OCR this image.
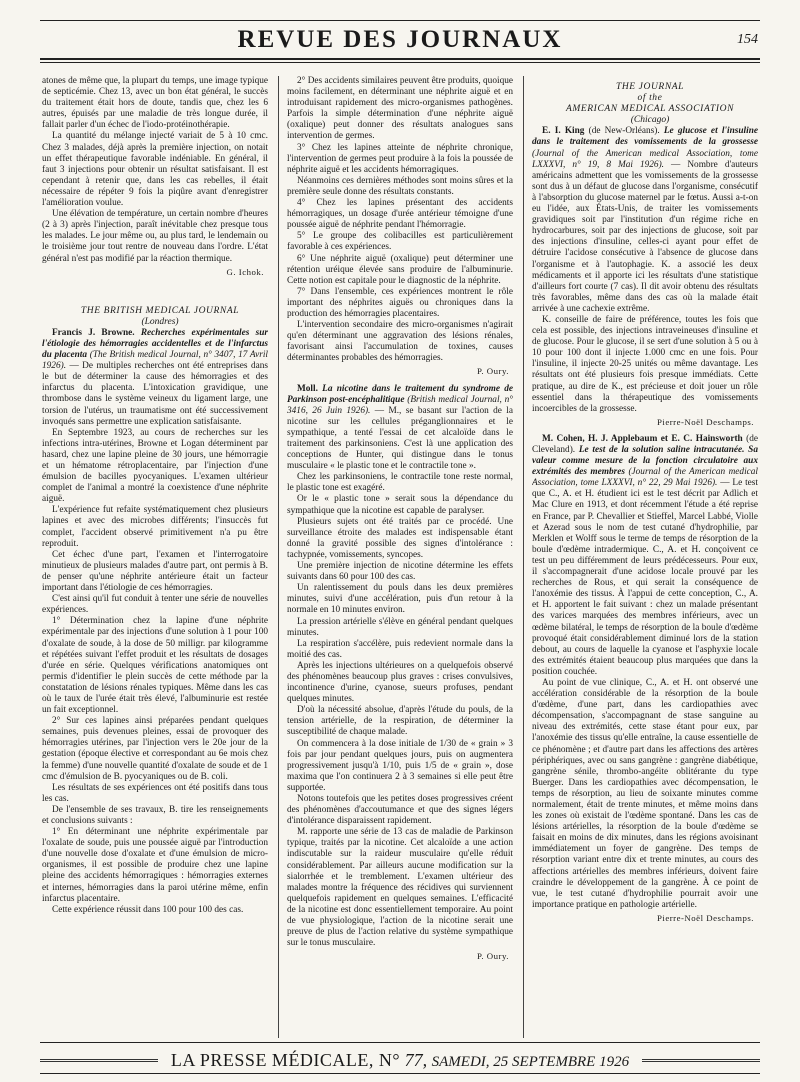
REVUE DES JOURNAUX	154

atones de même que, la plupart du temps, une image typique de septicémie. Chez 13, avec un bon état général, le succès du traitement était hors de doute, tandis que, chez les 6 autres, épuisés par une maladie de très longue durée, il fallait parler d'un échec de l'iodo-protéinothérapie.

La quantité du mélange injecté variait de 5 à 10 cmc. Chez 3 malades, déjà après la première injection, on notait un effet thérapeutique favorable indéniable. En général, il faut 3 injections pour obtenir un résultat satisfaisant. Il est cependant à retenir que, dans les cas rebelles, il était nécessaire de répéter 9 fois la piqûre avant d'enregistrer l'amélioration voulue.

Une élévation de température, un certain nombre d'heures (2 à 3) après l'injection, paraît inévitable chez presque tous les malades. Le jour même ou, au plus tard, le lendemain ou le troisième jour tout rentre de nouveau dans l'ordre. L'état général n'est pas modifié par la réaction thermique.

G. Ichok.

THE BRITISH MEDICAL JOURNAL

(Londres)

Francis J. Browne. Recherches expérimentales sur l'étiologie des hémorragies accidentelles et de l'infarctus du placenta (The British medical Journal, n° 3407, 17 Avril 1926). — De multiples recherches ont été entreprises dans le but de déterminer la cause des hémorragies et des infarctus du placenta. L'intoxication gravidique, une thrombose dans le système veineux du ligament large, une torsion de l'utérus, un traumatisme ont été successivement invoqués sans permettre une explication satisfaisante.

En Septembre 1923, au cours de recherches sur les infections intra-utérines, Browne et Logan déterminent par hasard, chez une lapine pleine de 30 jours, une hémorragie et un hématome rétroplacentaire, par l'injection d'une émulsion de bacilles pyocyaniques. L'examen ultérieur complet de l'animal a montré la coexistence d'une néphrite aiguë.

L'expérience fut refaite systématiquement chez plusieurs lapines et avec des microbes différents; l'insuccès fut complet, l'accident observé primitivement n'a pu être reproduit.

Cet échec d'une part, l'examen et l'interrogatoire minutieux de plusieurs malades d'autre part, ont permis à B. de penser qu'une néphrite antérieure était un facteur important dans l'étiologie de ces hémorragies.

C'est ainsi qu'il fut conduit à tenter une série de nouvelles expériences.

1° Détermination chez la lapine d'une néphrite expérimentale par des injections d'une solution à 1 pour 100 d'oxalate de soude, à la dose de 50 milligr. par kilogramme et répétées suivant l'effet produit et les résultats de dosages d'urée en série. Quelques vérifications anatomiques ont permis d'identifier le plein succès de cette méthode par la constatation de lésions rénales typiques. Même dans les cas où le taux de l'urée était très élevé, l'albuminurie est restée un fait exceptionnel.

2° Sur ces lapines ainsi préparées pendant quelques semaines, puis devenues pleines, essai de provoquer des hémorragies utérines, par l'injection vers le 20e jour de la gestation (époque élective et correspondant au 6e mois chez la femme) d'une nouvelle quantité d'oxalate de soude et de 1 cmc d'émulsion de B. pyocyaniques ou de B. coli.

Les résultats de ses expériences ont été positifs dans tous les cas.

De l'ensemble de ses travaux, B. tire les renseignements et conclusions suivants :

1° En déterminant une néphrite expérimentale par l'oxalate de soude, puis une poussée aiguë par l'introduction d'une nouvelle dose d'oxalate et d'une émulsion de micro-organismes, il est possible de produire chez une lapine pleine des accidents hémorragiques : hémorragies externes et internes, hémorragies dans la paroi utérine même, enfin infarctus placentaire.

Cette expérience réussit dans 100 pour 100 des cas.

2° Des accidents similaires peuvent être produits, quoique moins facilement, en déterminant une néphrite aiguë et en introduisant rapidement des micro-organismes pathogènes. Parfois la simple détermination d'une néphrite aiguë (oxalique) peut donner des résultats analogues sans intervention de germes.

3° Chez les lapines atteinte de néphrite chronique, l'intervention de germes peut produire à la fois la poussée de néphrite aiguë et les accidents hémorragiques.

Néanmoins ces dernières méthodes sont moins sûres et la première seule donne des résultats constants.

4° Chez les lapines présentant des accidents hémorragiques, un dosage d'urée antérieur témoigne d'une poussée aiguë de néphrite pendant l'hémorragie.

5° Le groupe des colibacilles est particulièrement favorable à ces expériences.

6° Une néphrite aiguë (oxalique) peut déterminer une rétention uréique élevée sans produire de l'albuminurie. Cette notion est capitale pour le diagnostic de la néphrite.

7° Dans l'ensemble, ces expériences montrent le rôle important des néphrites aiguës ou chroniques dans la production des hémorragies placentaires.

L'intervention secondaire des micro-organismes n'agirait qu'en déterminant une aggravation des lésions rénales, favorisant ainsi l'accumulation de toxines, causes déterminantes probables des hémorragies.

P. Oury.

Moll. La nicotine dans le traitement du syndrome de Parkinson post-encéphalitique (British medical Journal, n° 3416, 26 Juin 1926). — M., se basant sur l'action de la nicotine sur les cellules préganglionnaires et le sympathique, a tenté l'essai de cet alcaloïde dans le traitement des parkinsoniens. C'est là une application des conceptions de Hunter, qui distingue dans le tonus musculaire « le plastic tone et le contractile tone ».

Chez les parkinsoniens, le contractile tone reste normal, le plastic tone est exagéré.

Or le « plastic tone » serait sous la dépendance du sympathique que la nicotine est capable de paralyser.

Plusieurs sujets ont été traités par ce procédé. Une surveillance étroite des malades est indispensable étant donné la gravité possible des signes d'intolérance : tachypnée, vomissements, syncopes.

Une première injection de nicotine détermine les effets suivants dans 60 pour 100 des cas.

Un ralentissement du pouls dans les deux premières minutes, suivi d'une accélération, puis d'un retour à la normale en 10 minutes environ.

La pression artérielle s'élève en général pendant quelques minutes.

La respiration s'accélère, puis redevient normale dans la moitié des cas.

Après les injections ultérieures on a quelquefois observé des phénomènes beaucoup plus graves : crises convulsives, incontinence d'urine, cyanose, sueurs profuses, pendant quelques minutes.

D'où la nécessité absolue, d'après l'étude du pouls, de la tension artérielle, de la respiration, de déterminer la susceptibilité de chaque malade.

On commencera à la dose initiale de 1/30 de « grain » 3 fois par jour pendant quelques jours, puis on augmentera progressivement jusqu'à 1/10, puis 1/5 de « grain », dose maxima que l'on continuera 2 à 3 semaines si elle peut être supportée.

Notons toutefois que les petites doses progressives créent des phénomènes d'accoutumance et que des signes légers d'intolérance disparaissent rapidement.

M. rapporte une série de 13 cas de maladie de Parkinson typique, traités par la nicotine. Cet alcaloïde a une action indiscutable sur la raideur musculaire qu'elle réduit considérablement. Par ailleurs aucune modification sur la sialorrhée et le tremblement. L'examen ultérieur des malades montre la fréquence des récidives qui surviennent quelquefois rapidement en quelques semaines. L'efficacité de la nicotine est donc essentiellement temporaire. Au point de vue physiologique, l'action de la nicotine serait une preuve de plus de l'action relative du système sympathique sur le tonus musculaire.

P. Oury.

THE JOURNAL

of the

AMERICAN MEDICAL ASSOCIATION

(Chicago)

E. I. King (de New-Orléans). Le glucose et l'insuline dans le traitement des vomissements de la grossesse (Journal of the American medical Association, tome LXXXVI, n° 19, 8 Mai 1926). — Nombre d'auteurs américains admettent que les vomissements de la grossesse sont dus à un défaut de glucose dans l'organisme, consécutif à l'absorption du glucose maternel par le fœtus. Aussi a-t-on eu l'idée, aux États-Unis, de traiter les vomissements gravidiques soit par l'institution d'un régime riche en hydrocarbures, soit par des injections de glucose, soit par des injections d'insuline, celles-ci ayant pour effet de détruire l'acidose consécutive à l'absence de glucose dans l'organisme et à l'autophagie. K. a associé les deux médicaments et il apporte ici les résultats d'une statistique d'ailleurs fort courte (7 cas). Il dit avoir obtenu des résultats très favorables, même dans des cas où la malade était arrivée à une cachexie extrême.

K. conseille de faire de préférence, toutes les fois que cela est possible, des injections intraveineuses d'insuline et de glucose. Pour le glucose, il se sert d'une solution à 5 ou à 10 pour 100 dont il injecte 1.000 cmc en une fois. Pour l'insuline, il injecte 20-25 unités ou même davantage. Les résultats ont été plusieurs fois presque immédiats. Cette pratique, au dire de K., est précieuse et doit jouer un rôle essentiel dans la thérapeutique des vomissements incoercibles de la grossesse.

Pierre-Noël Deschamps.

M. Cohen, H. J. Applebaum et E. C. Hainsworth (de Cleveland). Le test de la solution saline intracutanée. Sa valeur comme mesure de la fonction circulatoire aux extrémités des membres (Journal of the American medical Association, tome LXXXVI, n° 22, 29 Mai 1926). — Le test que C., A. et H. étudient ici est le test décrit par Adlich et Mac Clure en 1913, et dont récemment l'étude a été reprise en France, par P. Chevallier et Stieffel, Marcel Labbé, Violle et Azerad sous le nom de test cutané d'hydrophilie, par Merklen et Wolff sous le terme de temps de résorption de la boule d'œdème intradermique. C., A. et H. conçoivent ce test un peu différemment de leurs prédécesseurs. Pour eux, il s'accompagnerait d'une acidose locale prouvé par les recherches de Rous, et qui serait la conséquence de l'anoxémie des tissus. À l'appui de cette conception, C., A. et H. apportent le fait suivant : chez un malade présentant des varices marquées des membres inférieurs, avec un œdème bilatéral, le temps de résorption de la boule d'œdème provoqué était considérablement diminué lors de la station debout, au cours de laquelle la cyanose et l'asphyxie locale des extrémités étaient beaucoup plus marquées que dans la position couchée.

Au point de vue clinique, C., A. et H. ont observé une accélération considérable de la résorption de la boule d'œdème, d'une part, dans les cardiopathies avec décompensation, s'accompagnant de stase sanguine au niveau des extrémités, cette stase étant pour eux, par l'anoxémie des tissus qu'elle entraîne, la cause essentielle de ce phénomène ; et d'autre part dans les affections des artères périphériques, avec ou sans gangrène : gangrène diabétique, gangrène sénile, thrombo-angéite oblitérante du type Buerger. Dans les cardiopathies avec décompensation, le temps de résorption, au lieu de soixante minutes comme normalement, était de trente minutes, et même moins dans les zones où existait de l'œdème spontané. Dans les cas de lésions artérielles, la résorption de la boule d'œdème se faisait en moins de dix minutes, dans les régions avoisinant immédiatement un foyer de gangrène. Des temps de résorption variant entre dix et trente minutes, au cours des affections artérielles des membres inférieurs, doivent faire craindre le développement de la gangrène. À ce point de vue, le test cutané d'hydrophilie pourrait avoir une importance pratique en pathologie artérielle.

Pierre-Noël Deschamps.
LA PRESSE MÉDICALE, N° 77, SAMEDI, 25 SEPTEMBRE 1926
